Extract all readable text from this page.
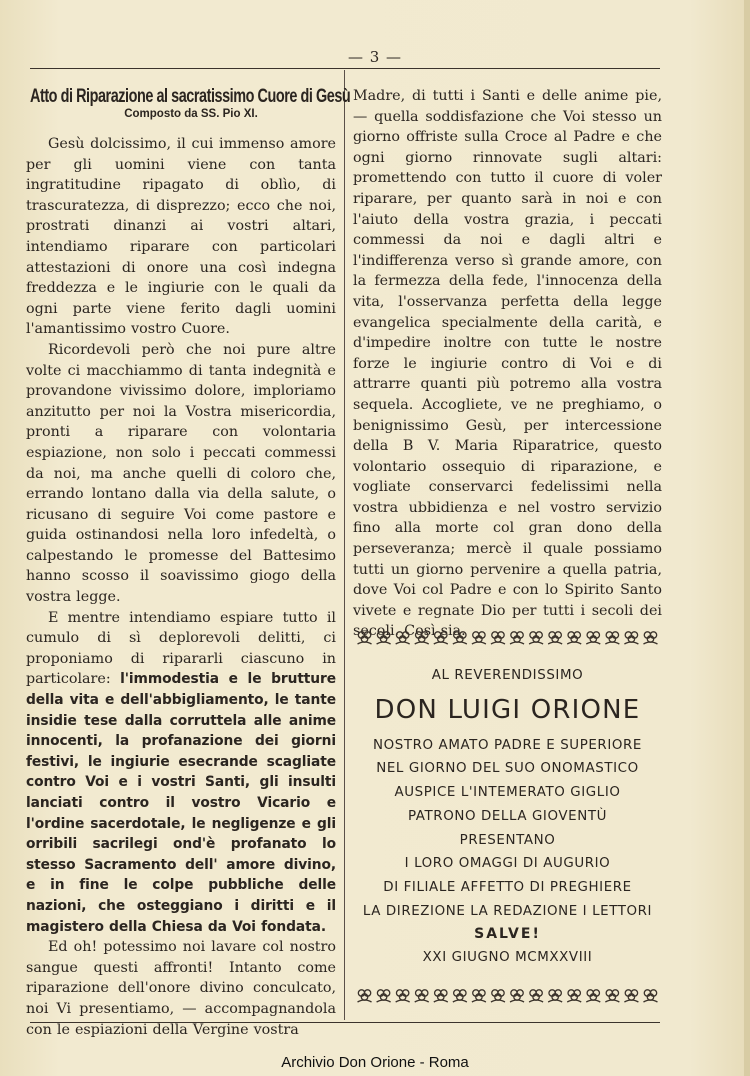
— 3 —
Atto di Riparazione al sacratissimo Cuore di Gesù
Composto da SS. Pio XI.

Gesù dolcissimo, il cui immenso amore per gli uomini viene con tanta ingratitudine ripagato di oblìo, di trascuratezza, di disprezzo; ecco che noi, prostrati dinanzi ai vostri altari, intendiamo riparare con particolari attestazioni di onore una così indegna freddezza e le ingiurie con le quali da ogni parte viene ferito dagli uomini l'amantissimo vostro Cuore.

Ricordevoli però che noi pure altre volte ci macchiammo di tanta indegnità e provandone vivissimo dolore, imploriamo anzitutto per noi la Vostra misericordia, pronti a riparare con volontaria espiazione, non solo i peccati commessi da noi, ma anche quelli di coloro che, errando lontano dalla via della salute, o ricusano di seguire Voi come pastore e guida ostinandosi nella loro infedeltà, o calpestando le promesse del Battesimo hanno scosso il soavissimo giogo della vostra legge.

E mentre intendiamo espiare tutto il cumulo di sì deplorevoli delitti, ci proponiamo di ripararli ciascuno in particolare: l'immodestia e le brutture della vita e dell'abbigliamento, le tante insidie tese dalla corruttela alle anime innocenti, la profanazione dei giorni festivi, le ingiurie esecrande scagliate contro Voi e i vostri Santi, gli insulti lanciati contro il vostro Vicario e l'ordine sacerdotale, le negligenze e gli orribili sacrilegi ond'è profanato lo stesso Sacramento dell' amore divino, e in fine le colpe pubbliche delle nazioni, che osteggiano i diritti e il magistero della Chiesa da Voi fondata.

Ed oh! potessimo noi lavare col nostro sangue questi affronti! Intanto come riparazione dell'onore divino conculcato, noi Vi presentiamo, — accompagnandola con le espiazioni della Vergine vostra

Madre, di tutti i Santi e delle anime pie, — quella soddisfazione che Voi stesso un giorno offriste sulla Croce al Padre e che ogni giorno rinnovate sugli altari: promettendo con tutto il cuore di voler riparare, per quanto sarà in noi e con l'aiuto della vostra grazia, i peccati commessi da noi e dagli altri e l'indifferenza verso sì grande amore, con la fermezza della fede, l'innocenza della vita, l'osservanza perfetta della legge evangelica specialmente della carità, e d'impedire inoltre con tutte le nostre forze le ingiurie contro di Voi e di attrarre quanti più potremo alla vostra sequela. Accoglietе, ve ne preghiamo, o benignissimo Gesù, per intercessione della B V. Maria Riparatrice, questo volontario ossequio di riparazione, e vogliate conservarci fedelissimi nella vostra ubbidienza e nel vostro servizio fino alla morte col gran dono della perseveranza; mercè il quale possiamo tutti un giorno pervenire a quella patria, dove Voi col Padre e con lo Spirito Santo vivete e regnate Dio per tutti i secoli dei secoli. Così sia.

AL REVERENDISSIMO
DON LUIGI ORIONE
NOSTRO AMATO PADRE E SUPERIORE
NEL GIORNO DEL SUO ONOMASTICO
AUSPICE L'INTEMERATO GIGLIO
PATRONO DELLA GIOVENTÙ
PRESENTANO
I LORO OMAGGI DI AUGURIO
DI FILIALE AFFETTO DI PREGHIERE
LA DIREZIONE LA REDAZIONE I LETTORI
SALVE!
XXI GIUGNO MCMXXVIII
Archivio Don Orione - Roma
